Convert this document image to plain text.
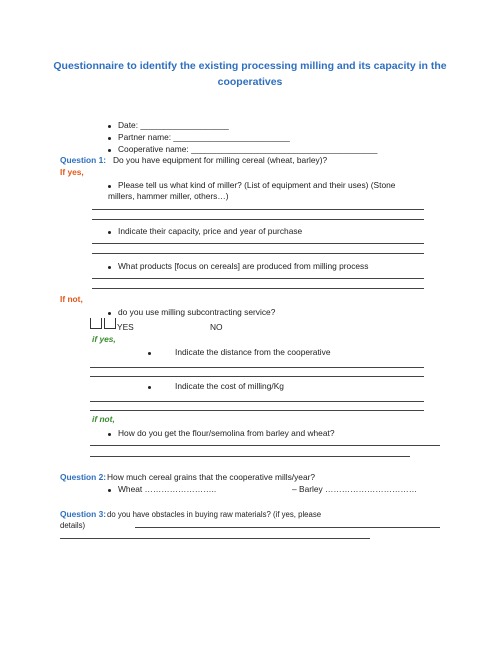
Questionnaire to identify the existing processing milling and its capacity in the cooperatives
Date: ___________________
Partner name: _________________________
Cooperative name: ________________________________________
Question 1: Do you have equipment for milling cereal (wheat, barley)?
If yes,
Please tell us what kind of miller? (List of equipment and their uses) (Stone
millers, hammer miller, others…)
Indicate their capacity, price and year of purchase
What products [focus on cereals] are produced from milling process
If not,
do you use milling subcontracting service?
YES	NO
if yes,
Indicate the distance from the cooperative
Indicate the cost of milling/Kg
if not,
How do you get the flour/semolina from barley and wheat?
Question 2: How much cereal grains that the cooperative mills/year?
Wheat ……………………..	– Barley ……………………………
Question 3: do you have obstacles in buying raw materials? (if yes, please
details)
